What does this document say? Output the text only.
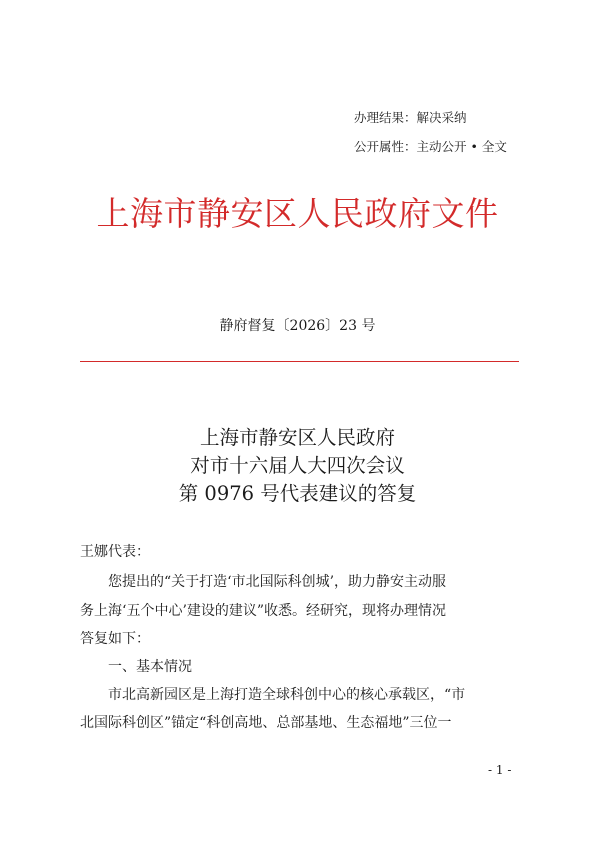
办理结果：解决采纳
公开属性：主动公开 • 全文
上海市静安区人民政府文件
静府督复〔2026〕23 号
上海市静安区人民政府
对市十六届人大四次会议
第 0976 号代表建议的答复
王娜代表：
您提出的“关于打造‘市北国际科创城’，助力静安主动服
务上海‘五个中心’建设的建议”收悉。经研究，现将办理情况
答复如下：
一、基本情况
市北高新园区是上海打造全球科创中心的核心承载区，“市
北国际科创区”锚定“科创高地、总部基地、生态福地”三位一
- 1 -
